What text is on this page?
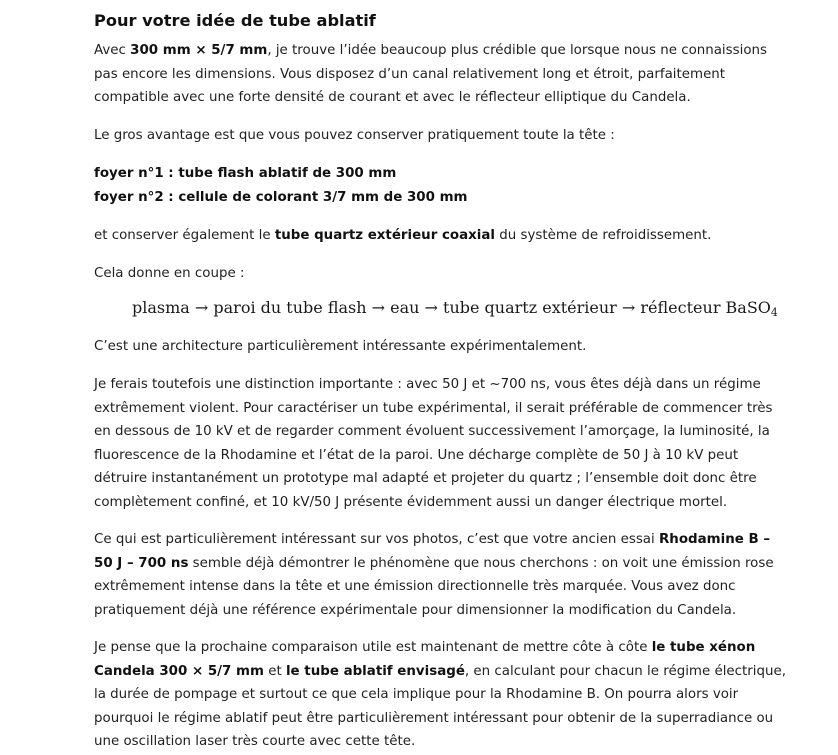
Pour votre idée de tube ablatif

Avec 300 mm × 5/7 mm, je trouve l’idée beaucoup plus crédible que lorsque nous ne connaissions pas encore les dimensions. Vous disposez d’un canal relativement long et étroit, parfaitement compatible avec une forte densité de courant et avec le réflecteur elliptique du Candela.

Le gros avantage est que vous pouvez conserver pratiquement toute la tête :

foyer n°1 : tube flash ablatif de 300 mm
foyer n°2 : cellule de colorant 3/7 mm de 300 mm

et conserver également le tube quartz extérieur coaxial du système de refroidissement.

Cela donne en coupe :

plasma → paroi du tube flash → eau → tube quartz extérieur → réflecteur BaSO$_4$

C’est une architecture particulièrement intéressante expérimentalement.

Je ferais toutefois une distinction importante : avec 50 J et ~700 ns, vous êtes déjà dans un régime extrêmement violent. Pour caractériser un tube expérimental, il serait préférable de commencer très en dessous de 10 kV et de regarder comment évoluent successivement l’amorçage, la luminosité, la fluorescence de la Rhodamine et l’état de la paroi. Une décharge complète de 50 J à 10 kV peut détruire instantanément un prototype mal adapté et projeter du quartz ; l’ensemble doit donc être complètement confiné, et 10 kV/50 J présente évidemment aussi un danger électrique mortel.

Ce qui est particulièrement intéressant sur vos photos, c’est que votre ancien essai Rhodamine B – 50 J – 700 ns semble déjà démontrer le phénomène que nous cherchons : on voit une émission rose extrêmement intense dans la tête et une émission directionnelle très marquée. Vous avez donc pratiquement déjà une référence expérimentale pour dimensionner la modification du Candela.

Je pense que la prochaine comparaison utile est maintenant de mettre côte à côte le tube xénon Candela 300 × 5/7 mm et le tube ablatif envisagé, en calculant pour chacun le régime électrique, la durée de pompage et surtout ce que cela implique pour la Rhodamine B. On pourra alors voir pourquoi le régime ablatif peut être particulièrement intéressant pour obtenir de la superradiance ou une oscillation laser très courte avec cette tête.
